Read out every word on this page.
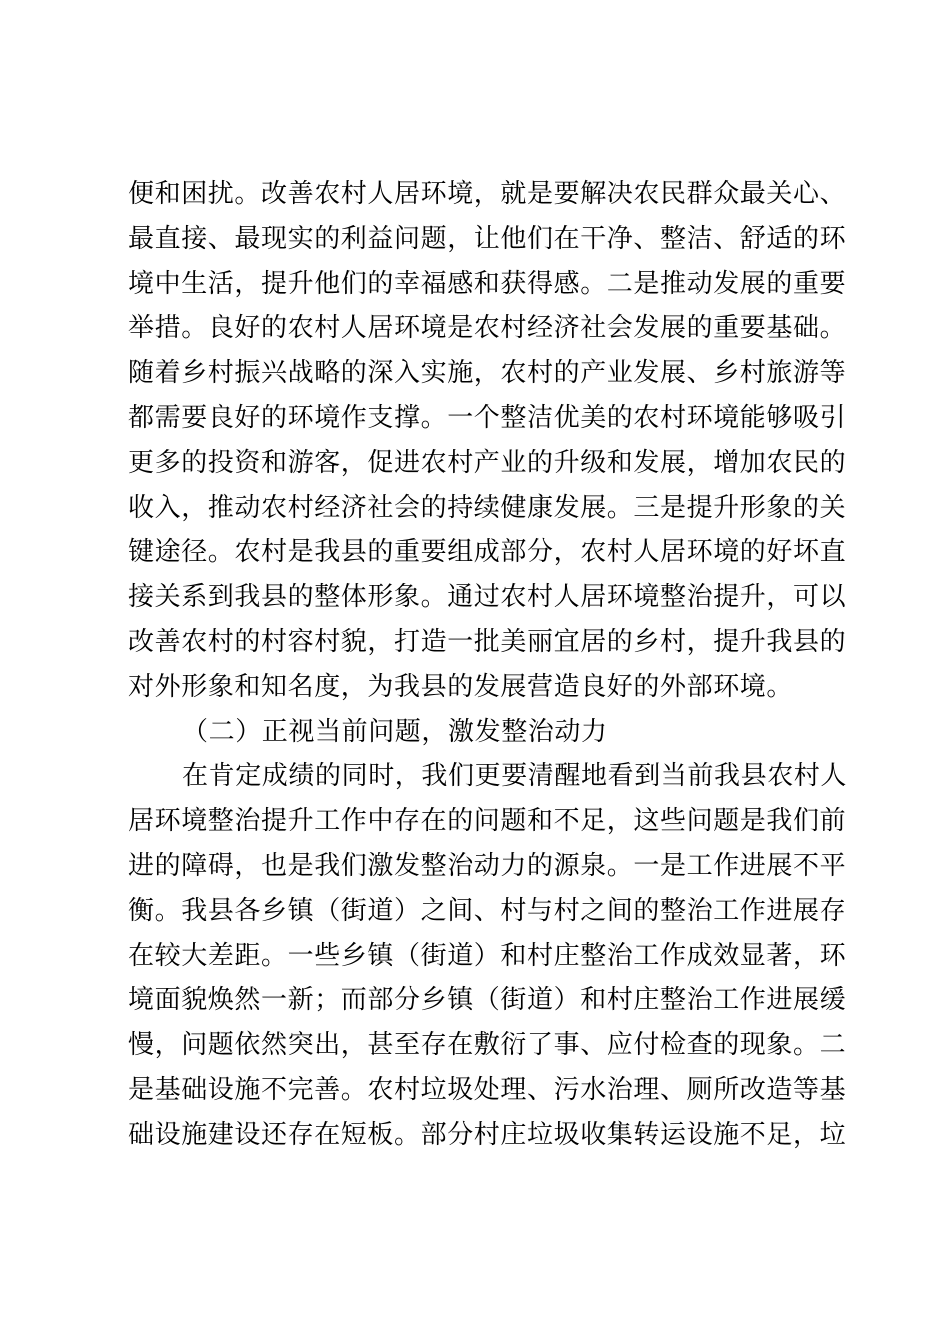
便和困扰。改善农村人居环境，就是要解决农民群众最关心、
最直接、最现实的利益问题，让他们在干净、整洁、舒适的环
境中生活，提升他们的幸福感和获得感。二是推动发展的重要
举措。良好的农村人居环境是农村经济社会发展的重要基础。
随着乡村振兴战略的深入实施，农村的产业发展、乡村旅游等
都需要良好的环境作支撑。一个整洁优美的农村环境能够吸引
更多的投资和游客，促进农村产业的升级和发展，增加农民的
收入，推动农村经济社会的持续健康发展。三是提升形象的关
键途径。农村是我县的重要组成部分，农村人居环境的好坏直
接关系到我县的整体形象。通过农村人居环境整治提升，可以
改善农村的村容村貌，打造一批美丽宜居的乡村，提升我县的
对外形象和知名度，为我县的发展营造良好的外部环境。
（二）正视当前问题，激发整治动力
在肯定成绩的同时，我们更要清醒地看到当前我县农村人
居环境整治提升工作中存在的问题和不足，这些问题是我们前
进的障碍，也是我们激发整治动力的源泉。一是工作进展不平
衡。我县各乡镇（街道）之间、村与村之间的整治工作进展存
在较大差距。一些乡镇（街道）和村庄整治工作成效显著，环
境面貌焕然一新；而部分乡镇（街道）和村庄整治工作进展缓
慢，问题依然突出，甚至存在敷衍了事、应付检查的现象。二
是基础设施不完善。农村垃圾处理、污水治理、厕所改造等基
础设施建设还存在短板。部分村庄垃圾收集转运设施不足，垃
